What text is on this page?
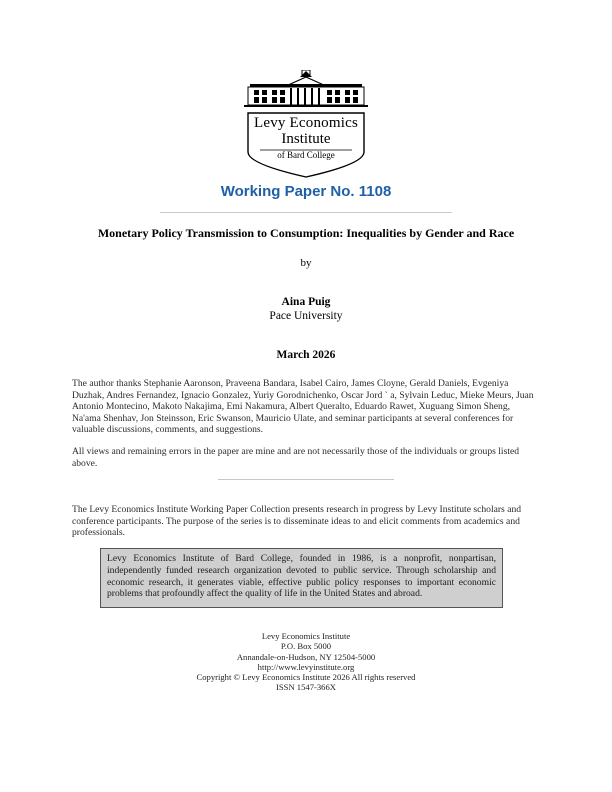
Levy Economics
Institute
of Bard College
Working Paper No. 1108
Monetary Policy Transmission to Consumption: Inequalities by Gender and Race
by
Aina Puig
Pace University
March 2026
The author thanks Stephanie Aaronson, Praveena Bandara, Isabel Cairo, James Cloyne, Gerald Daniels, Evgeniya Duzhak, Andres Fernandez, Ignacio Gonzalez, Yuriy Gorodnichenko, Oscar Jord ` a, Sylvain Leduc, Mieke Meurs, Juan Antonio Montecino, Makoto Nakajima, Emi Nakamura, Albert Queralto, Eduardo Rawet, Xuguang Simon Sheng, Na'ama Shenhav, Jon Steinsson, Eric Swanson, Mauricio Ulate, and seminar participants at several conferences for valuable discussions, comments, and suggestions.
All views and remaining errors in the paper are mine and are not necessarily those of the individuals or groups listed above.
The Levy Economics Institute Working Paper Collection presents research in progress by Levy Institute scholars and conference participants. The purpose of the series is to disseminate ideas to and elicit comments from academics and professionals.
Levy Economics Institute of Bard College, founded in 1986, is a nonprofit, nonpartisan, independently funded research organization devoted to public service. Through scholarship and economic research, it generates viable, effective public policy responses to important economic problems that profoundly affect the quality of life in the United States and abroad.
Levy Economics Institute
P.O. Box 5000
Annandale-on-Hudson, NY 12504-5000
http://www.levyinstitute.org
Copyright © Levy Economics Institute 2026 All rights reserved
ISSN 1547-366X
